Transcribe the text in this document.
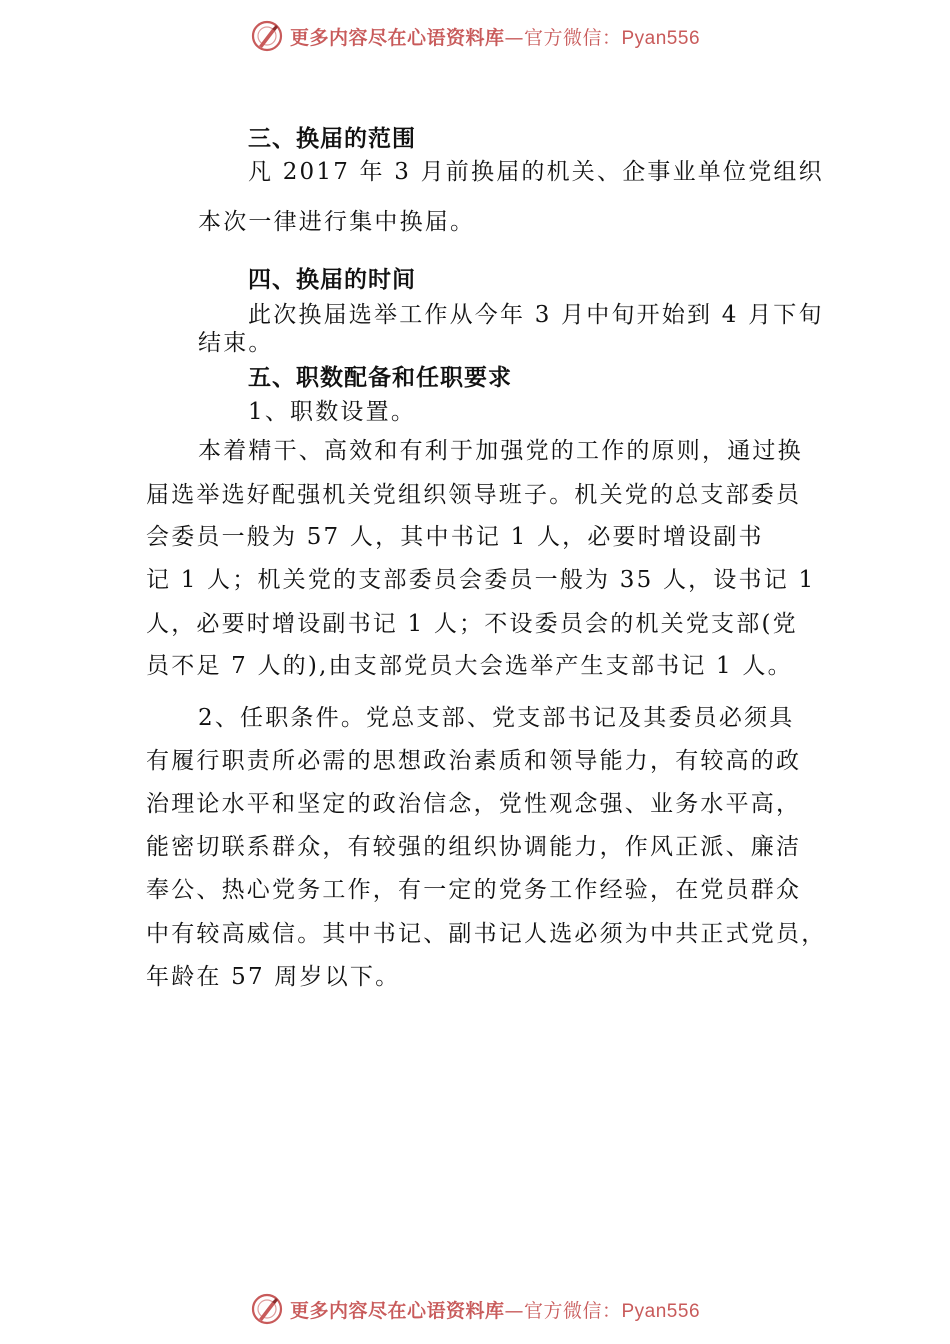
更多内容尽在心语资料库—官方微信：Pyan556
三、换届的范围
凡 2017 年 3 月前换届的机关、企事业单位党组织
本次一律进行集中换届。
四、换届的时间
此次换届选举工作从今年 3 月中旬开始到 4 月下旬
结束。
五、职数配备和任职要求
1、职数设置。
本着精干、高效和有利于加强党的工作的原则，通过换
届选举选好配强机关党组织领导班子。机关党的总支部委员
会委员一般为 57 人，其中书记 1 人，必要时增设副书
记 1 人；机关党的支部委员会委员一般为 35 人，设书记 1
人，必要时增设副书记 1 人；不设委员会的机关党支部(党
员不足 7 人的),由支部党员大会选举产生支部书记 1 人。
2、任职条件。党总支部、党支部书记及其委员必须具
有履行职责所必需的思想政治素质和领导能力，有较高的政
治理论水平和坚定的政治信念，党性观念强、业务水平高，
能密切联系群众，有较强的组织协调能力，作风正派、廉洁
奉公、热心党务工作，有一定的党务工作经验，在党员群众
中有较高威信。其中书记、副书记人选必须为中共正式党员，
年龄在 57 周岁以下。
更多内容尽在心语资料库—官方微信：Pyan556
